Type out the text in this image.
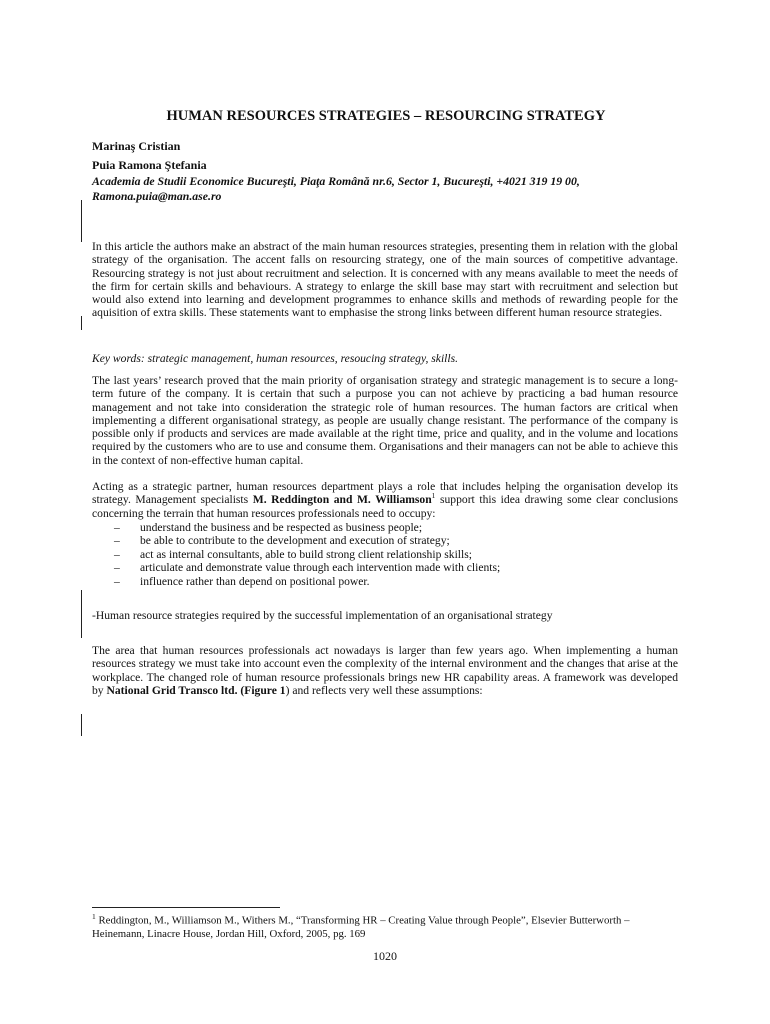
HUMAN RESOURCES STRATEGIES – RESOURCING STRATEGY
Marinaş Cristian
Puia Ramona Ştefania
Academia de Studii Economice Bucureşti, Piaţa Română nr.6, Sector 1, Bucureşti, +4021 319 19 00,
Ramona.puia@man.ase.ro

In this article the authors make an abstract of the main human resources strategies, presenting them in relation with the global strategy of the organisation. The accent falls on resourcing strategy, one of the main sources of competitive advantage. Resourcing strategy is not just about recruitment and selection. It is concerned with any means available to meet the needs of the firm for certain skills and behaviours. A strategy to enlarge the skill base may start with recruitment and selection but would also extend into learning and development programmes to enhance skills and methods of rewarding people for the aquisition of extra skills. These statements want to emphasise the strong links between different human resource strategies.

Key words: strategic management, human resources, resoucing strategy, skills.

The last years’ research proved that the main priority of organisation strategy and strategic management is to secure a long-term future of the company. It is certain that such a purpose you can not achieve by practicing a bad human resource management and not take into consideration the strategic role of human resources. The human factors are critical when implementing a different organisational strategy, as people are usually change resistant. The performance of the company is possible only if products and services are made available at the right time, price and quality, and in the volume and locations required by the customers who are to use and consume them. Organisations and their managers can not be able to achieve this in the context of non-effective human capital.

Acting as a strategic partner, human resources department plays a role that includes helping the organisation develop its strategy. Management specialists M. Reddington and M. Williamson$^1$ support this idea drawing some clear conclusions concerning the terrain that human resources professionals need to occupy:

– understand the business and be respected as business people;
– be able to contribute to the development and execution of strategy;
– act as internal consultants, able to build strong client relationship skills;
– articulate and demonstrate value through each intervention made with clients;
– influence rather than depend on positional power.
-Human resource strategies required by the successful implementation of an organisational strategy

The area that human resources professionals act nowadays is larger than few years ago. When implementing a human resources strategy we must take into account even the complexity of the internal environment and the changes that arise at the workplace. The changed role of human resource professionals brings new HR capability areas. A framework was developed by National Grid Transco ltd. (Figure 1) and reflects very well these assumptions:

$^1$ Reddington, M., Williamson M., Withers M., “Transforming HR – Creating Value through People”, Elsevier Butterworth – Heinemann, Linacre House, Jordan Hill, Oxford, 2005, pg. 169
1020
